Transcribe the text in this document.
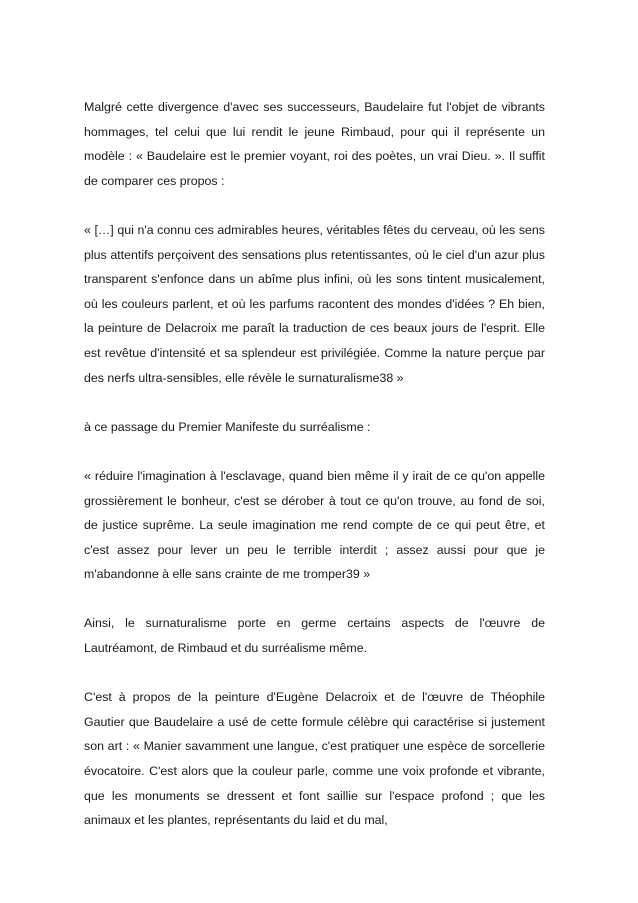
Malgré cette divergence d'avec ses successeurs, Baudelaire fut l'objet de vibrants hommages, tel celui que lui rendit le jeune Rimbaud, pour qui il représente un modèle : « Baudelaire est le premier voyant, roi des poètes, un vrai Dieu. ». Il suffit de comparer ces propos :

« […] qui n'a connu ces admirables heures, véritables fêtes du cerveau, où les sens plus attentifs perçoivent des sensations plus retentissantes, où le ciel d'un azur plus transparent s'enfonce dans un abîme plus infini, où les sons tintent musicalement, où les couleurs parlent, et où les parfums racontent des mondes d'idées ? Eh bien, la peinture de Delacroix me paraît la traduction de ces beaux jours de l'esprit. Elle est revêtue d'intensité et sa splendeur est privilégiée. Comme la nature perçue par des nerfs ultra-sensibles, elle révèle le surnaturalisme38 »

à ce passage du Premier Manifeste du surréalisme :

« réduire l'imagination à l'esclavage, quand bien même il y irait de ce qu'on appelle grossièrement le bonheur, c'est se dérober à tout ce qu'on trouve, au fond de soi, de justice suprême. La seule imagination me rend compte de ce qui peut être, et c'est assez pour lever un peu le terrible interdit ; assez aussi pour que je m'abandonne à elle sans crainte de me tromper39 »

Ainsi, le surnaturalisme porte en germe certains aspects de l'œuvre de Lautréamont, de Rimbaud et du surréalisme même.

C'est à propos de la peinture d'Eugène Delacroix et de l'œuvre de Théophile Gautier que Baudelaire a usé de cette formule célèbre qui caractérise si justement son art : « Manier savamment une langue, c'est pratiquer une espèce de sorcellerie évocatoire. C'est alors que la couleur parle, comme une voix profonde et vibrante, que les monuments se dressent et font saillie sur l'espace profond ; que les animaux et les plantes, représentants du laid et du mal,
